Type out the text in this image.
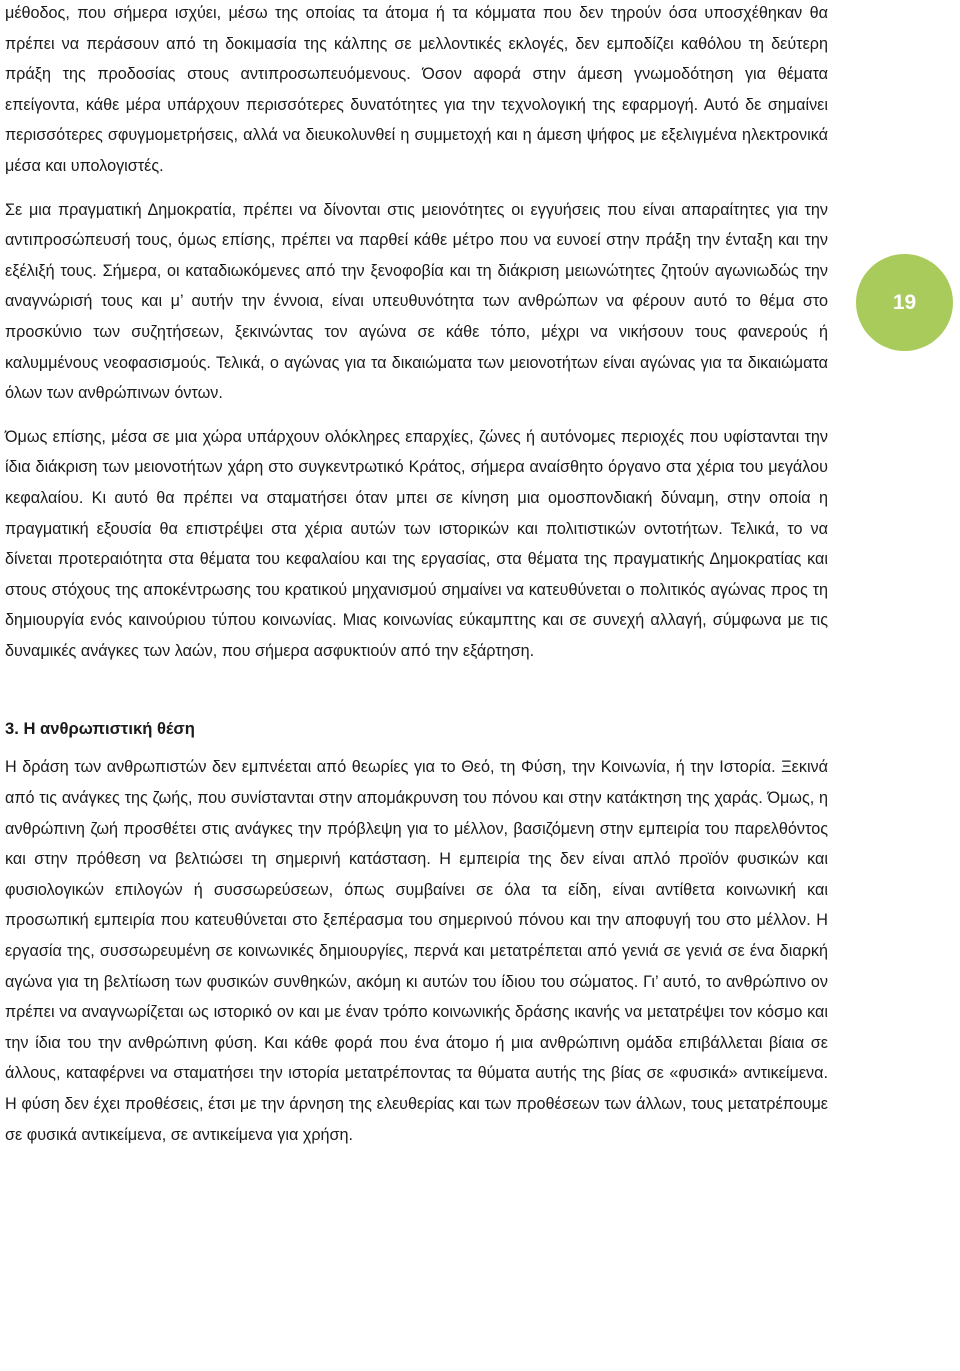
μέθοδος, που σήμερα ισχύει, μέσω της οποίας τα άτομα ή τα κόμματα που δεν τηρούν όσα υποσχέθηκαν θα πρέπει να περάσουν από τη δοκιμασία της κάλπης σε μελλοντικές εκλογές, δεν εμποδίζει καθόλου τη δεύτερη πράξη της προδοσίας στους αντιπροσωπευόμενους. Όσον αφορά στην άμεση γνωμοδότηση για θέματα επείγοντα, κάθε μέρα υπάρχουν περισσότερες δυνατότητες για την τεχνολογική της εφαρμογή. Αυτό δε σημαίνει περισσότερες σφυγμομετρήσεις, αλλά να διευκολυνθεί η συμμετοχή και η άμεση ψήφος με εξελιγμένα ηλεκτρονικά μέσα και υπολογιστές.

Σε μια πραγματική Δημοκρατία, πρέπει να δίνονται στις μειονότητες οι εγγυήσεις που είναι απαραίτητες για την αντιπροσώπευσή τους, όμως επίσης, πρέπει να παρθεί κάθε μέτρο που να ευνοεί στην πράξη την ένταξη και την εξέλιξή τους. Σήμερα, οι καταδιωκόμενες από την ξενοφοβία και τη διάκριση μειωνώτητες ζητούν αγωνιωδώς την αναγνώρισή τους και μ’ αυτήν την έννοια, είναι υπευθυνότητα των ανθρώπων να φέρουν αυτό το θέμα στο προσκύνιο των συζητήσεων, ξεκινώντας τον αγώνα σε κάθε τόπο, μέχρι να νικήσουν τους φανερούς ή καλυμμένους νεοφασισμούς. Τελικά, ο αγώνας για τα δικαιώματα των μειονοτήτων είναι αγώνας για τα δικαιώματα όλων των ανθρώπινων όντων.

Όμως επίσης, μέσα σε μια χώρα υπάρχουν ολόκληρες επαρχίες, ζώνες ή αυτόνομες περιοχές που υφίστανται την ίδια διάκριση των μειονοτήτων χάρη στο συγκεντρωτικό Κράτος, σήμερα αναίσθητο όργανο στα χέρια του μεγάλου κεφαλαίου. Κι αυτό θα πρέπει να σταματήσει όταν μπει σε κίνηση μια ομοσπονδιακή δύναμη, στην οποία η πραγματική εξουσία θα επιστρέψει στα χέρια αυτών των ιστορικών και πολιτιστικών οντοτήτων. Τελικά, το να δίνεται προτεραιότητα στα θέματα του κεφαλαίου και της εργασίας, στα θέματα της πραγματικής Δημοκρατίας και στους στόχους της αποκέντρωσης του κρατικού μηχανισμού σημαίνει να κατευθύνεται ο πολιτικός αγώνας προς τη δημιουργία ενός καινούριου τύπου κοινωνίας. Μιας κοινωνίας εύκαμπτης και σε συνεχή αλλαγή, σύμφωνα με τις δυναμικές ανάγκες των λαών, που σήμερα ασφυκτιούν από την εξάρτηση.

3. Η ανθρωπιστική θέση

Η δράση των ανθρωπιστών δεν εμπνέεται από θεωρίες για το Θεό, τη Φύση, την Κοινωνία, ή την Ιστορία. Ξεκινά από τις ανάγκες της ζωής, που συνίστανται στην απομάκρυνση του πόνου και στην κατάκτηση της χαράς. Όμως, η ανθρώπινη ζωή προσθέτει στις ανάγκες την πρόβλεψη για το μέλλον, βασιζόμενη στην εμπειρία του παρελθόντος και στην πρόθεση να βελτιώσει τη σημερινή κατάσταση. Η εμπειρία της δεν είναι απλό προϊόν φυσικών και φυσιολογικών επιλογών ή συσσωρεύσεων, όπως συμβαίνει σε όλα τα είδη, είναι αντίθετα κοινωνική και προσωπική εμπειρία που κατευθύνεται στο ξεπέρασμα του σημερινού πόνου και την αποφυγή του στο μέλλον. Η εργασία της, συσσωρευμένη σε κοινωνικές δημιουργίες, περνά και μετατρέπεται από γενιά σε γενιά σε ένα διαρκή αγώνα για τη βελτίωση των φυσικών συνθηκών, ακόμη κι αυτών του ίδιου του σώματος. Γι’ αυτό, το ανθρώπινο ον πρέπει να αναγνωρίζεται ως ιστορικό ον και με έναν τρόπο κοινωνικής δράσης ικανής να μετατρέψει τον κόσμο και την ίδια του την ανθρώπινη φύση. Και κάθε φορά που ένα άτομο ή μια ανθρώπινη ομάδα επιβάλλεται βίαια σε άλλους, καταφέρνει να σταματήσει την ιστορία μετατρέποντας τα θύματα αυτής της βίας σε «φυσικά» αντικείμενα. Η φύση δεν έχει προθέσεις, έτσι με την άρνηση της ελευθερίας και των προθέσεων των άλλων, τους μετατρέπουμε σε φυσικά αντικείμενα, σε αντικείμενα για χρήση.

19
